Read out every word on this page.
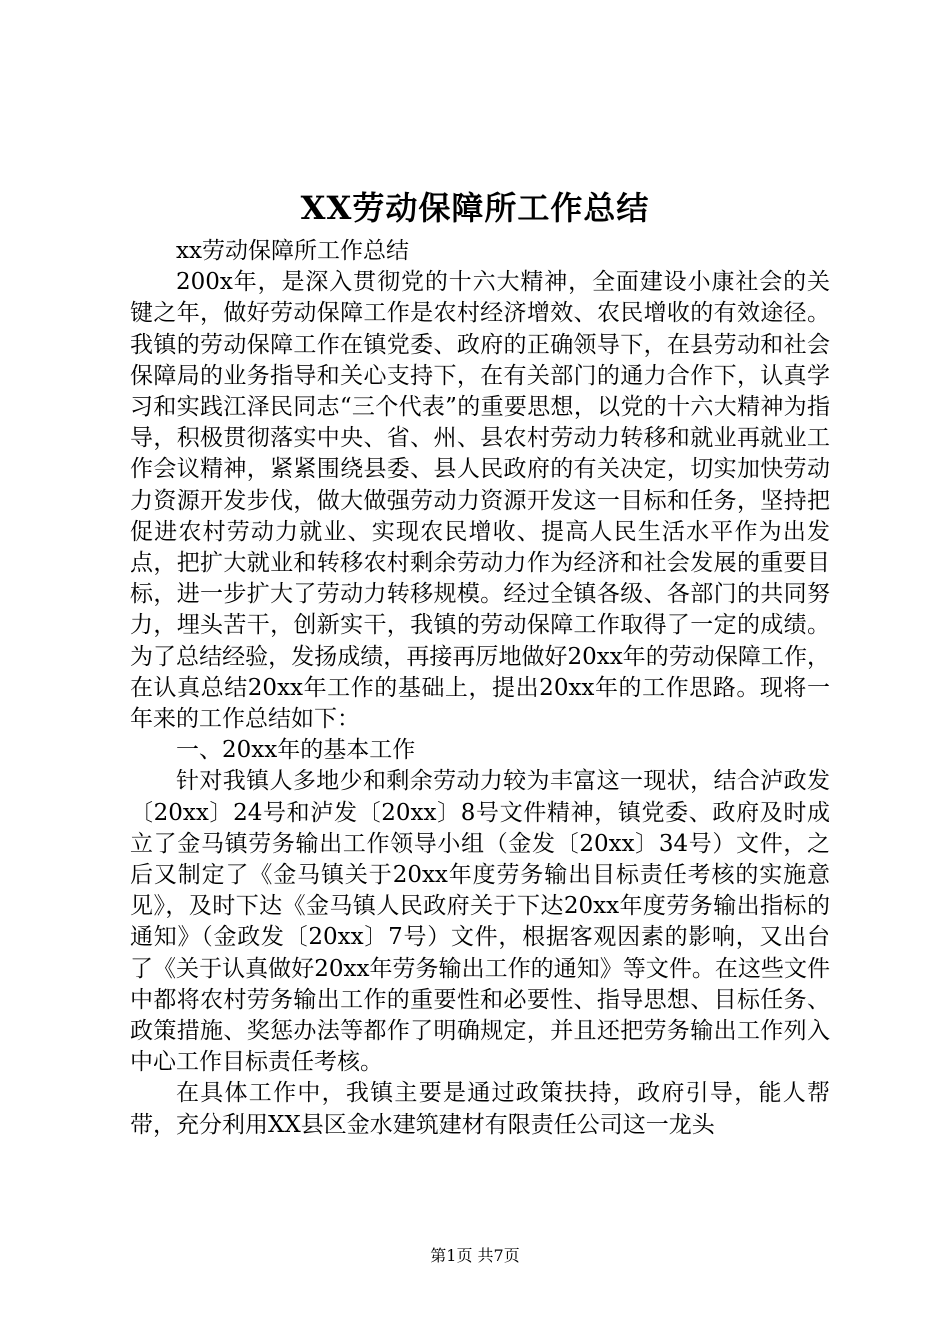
XX劳动保障所工作总结

xx劳动保障所工作总结

200x年，是深入贯彻党的十六大精神，全面建设小康社会的关键之年，做好劳动保障工作是农村经济增效、农民增收的有效途径。我镇的劳动保障工作在镇党委、政府的正确领导下，在县劳动和社会保障局的业务指导和关心支持下，在有关部门的通力合作下，认真学习和实践江泽民同志“三个代表”的重要思想，以党的十六大精神为指导，积极贯彻落实中央、省、州、县农村劳动力转移和就业再就业工作会议精神，紧紧围绕县委、县人民政府的有关决定，切实加快劳动力资源开发步伐，做大做强劳动力资源开发这一目标和任务，坚持把促进农村劳动力就业、实现农民增收、提高人民生活水平作为出发点，把扩大就业和转移农村剩余劳动力作为经济和社会发展的重要目标，进一步扩大了劳动力转移规模。经过全镇各级、各部门的共同努力，埋头苦干，创新实干，我镇的劳动保障工作取得了一定的成绩。为了总结经验，发扬成绩，再接再厉地做好20xx年的劳动保障工作，在认真总结20xx年工作的基础上，提出20xx年的工作思路。现将一年来的工作总结如下：

一、20xx年的基本工作

针对我镇人多地少和剩余劳动力较为丰富这一现状，结合泸政发〔20xx〕24号和泸发〔20xx〕8号文件精神，镇党委、政府及时成立了金马镇劳务输出工作领导小组（金发〔20xx〕34号）文件，之后又制定了《金马镇关于20xx年度劳务输出目标责任考核的实施意见》，及时下达《金马镇人民政府关于下达20xx年度劳务输出指标的通知》（金政发〔20xx〕7号）文件，根据客观因素的影响，又出台了《关于认真做好20xx年劳务输出工作的通知》等文件。在这些文件中都将农村劳务输出工作的重要性和必要性、指导思想、目标任务、政策措施、奖惩办法等都作了明确规定，并且还把劳务输出工作列入中心工作目标责任考核。

在具体工作中，我镇主要是通过政策扶持，政府引导，能人帮带，充分利用XX县区金水建筑建材有限责任公司这一龙头

第1页 共7页
